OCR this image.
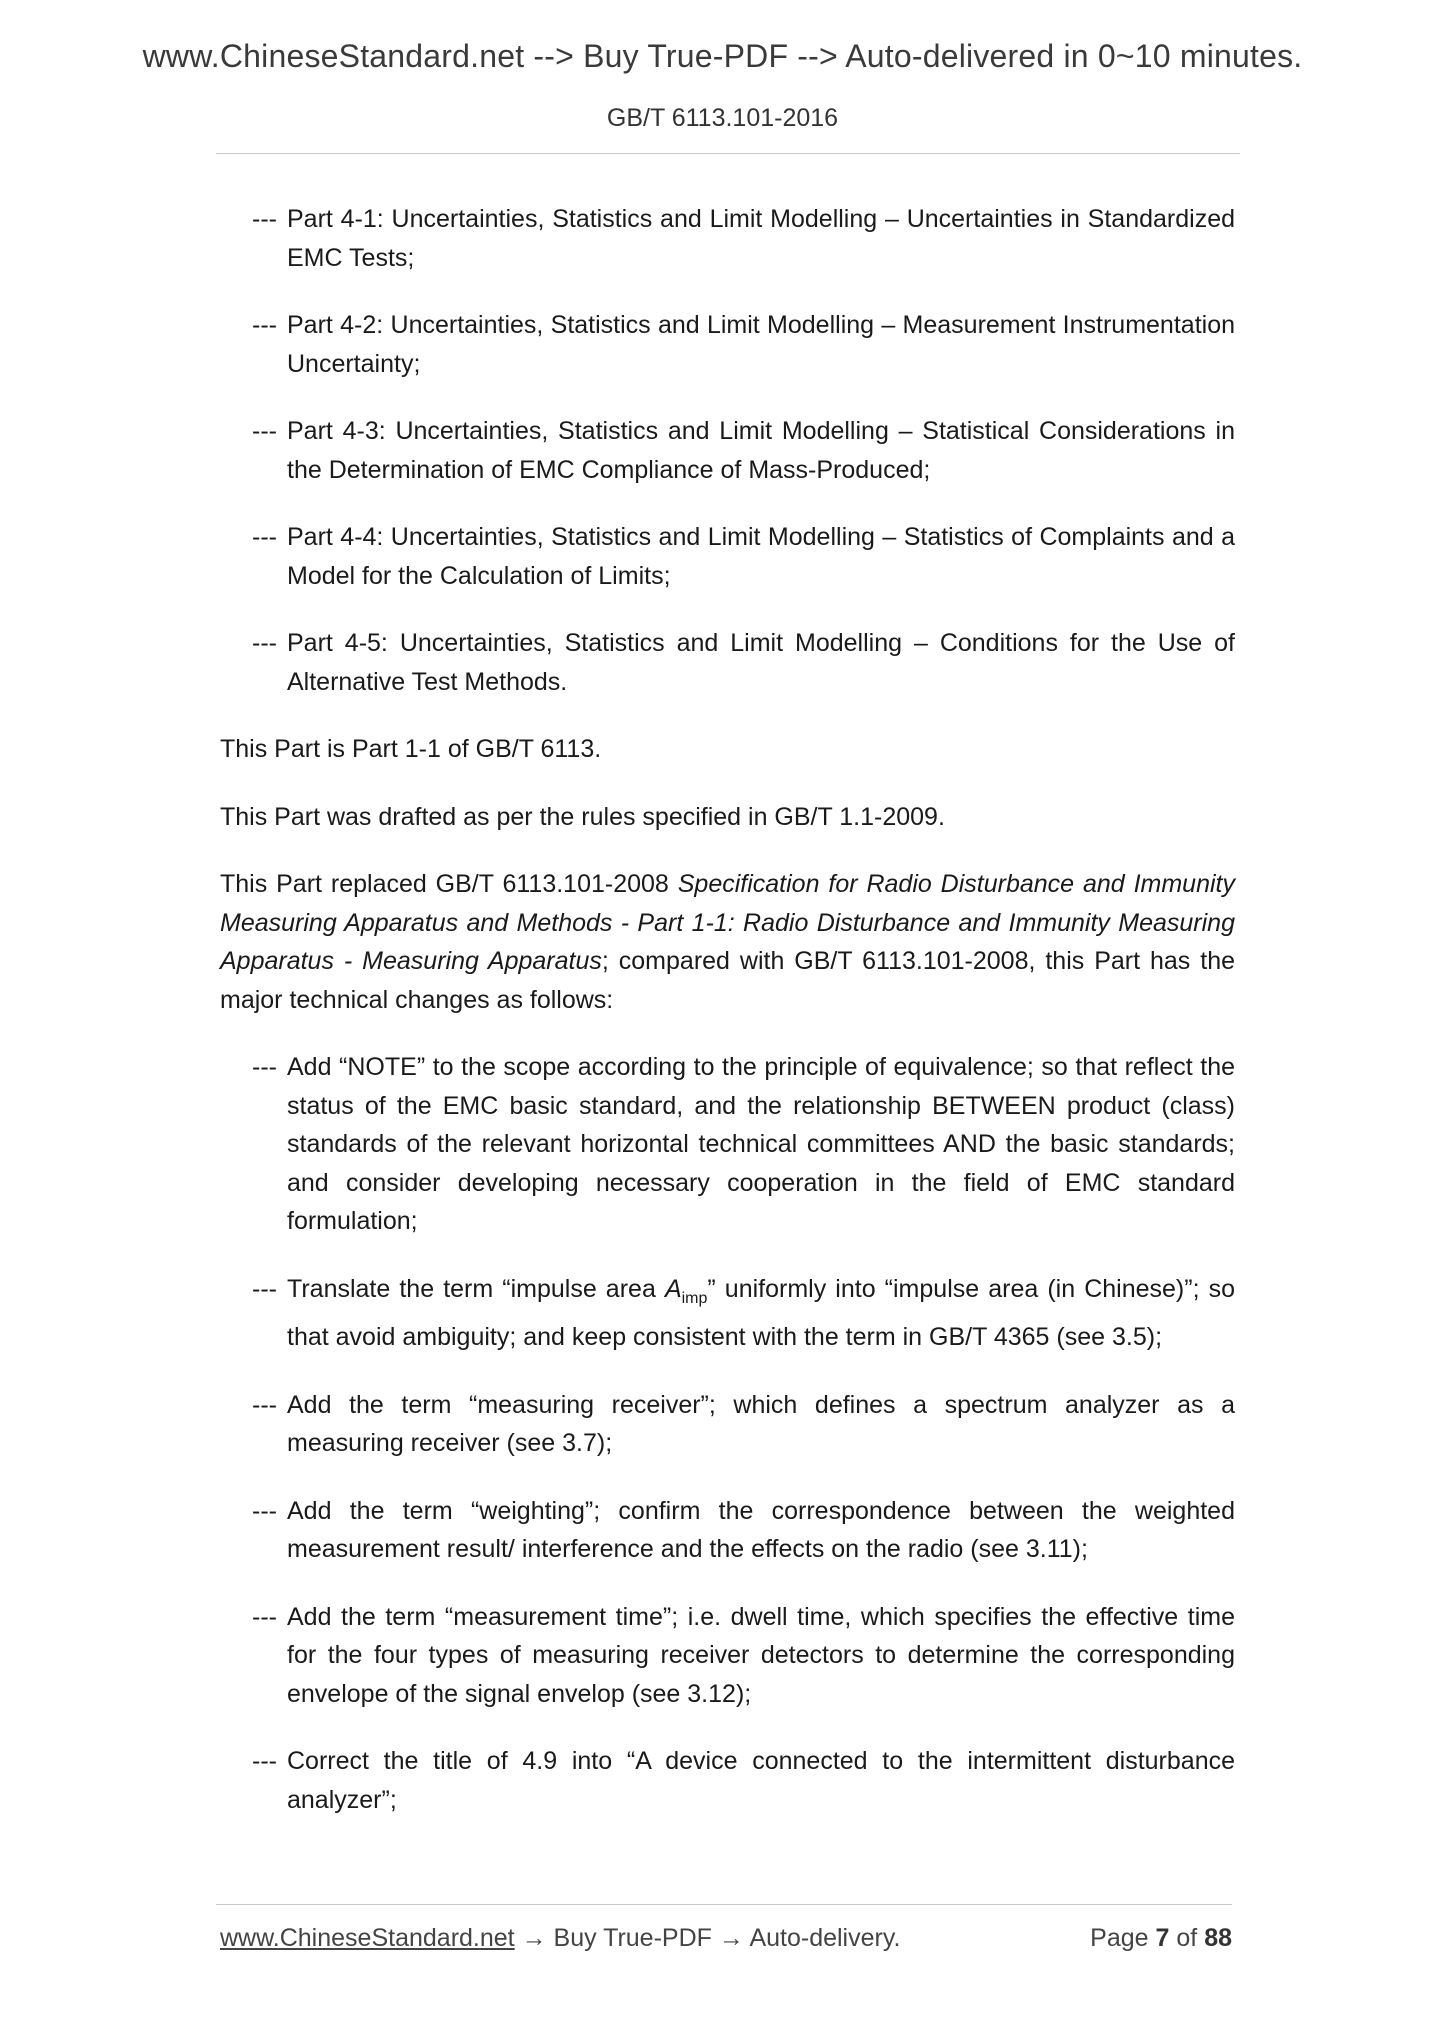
www.ChineseStandard.net --> Buy True-PDF --> Auto-delivered in 0~10 minutes.
GB/T 6113.101-2016

--- Part 4-1: Uncertainties, Statistics and Limit Modelling – Uncertainties in Standardized EMC Tests;

--- Part 4-2: Uncertainties, Statistics and Limit Modelling – Measurement Instrumentation Uncertainty;

--- Part 4-3: Uncertainties, Statistics and Limit Modelling – Statistical Considerations in the Determination of EMC Compliance of Mass-Produced;

--- Part 4-4: Uncertainties, Statistics and Limit Modelling – Statistics of Complaints and a Model for the Calculation of Limits;

--- Part 4-5: Uncertainties, Statistics and Limit Modelling – Conditions for the Use of Alternative Test Methods.

This Part is Part 1-1 of GB/T 6113.

This Part was drafted as per the rules specified in GB/T 1.1-2009.

This Part replaced GB/T 6113.101-2008 Specification for Radio Disturbance and Immunity Measuring Apparatus and Methods - Part 1-1: Radio Disturbance and Immunity Measuring Apparatus - Measuring Apparatus; compared with GB/T 6113.101-2008, this Part has the major technical changes as follows:

--- Add “NOTE” to the scope according to the principle of equivalence; so that reflect the status of the EMC basic standard, and the relationship BETWEEN product (class) standards of the relevant horizontal technical committees AND the basic standards; and consider developing necessary cooperation in the field of EMC standard formulation;

--- Translate the term “impulse area $A_{imp}$” uniformly into “impulse area (in Chinese)”; so that avoid ambiguity; and keep consistent with the term in GB/T 4365 (see 3.5);

--- Add the term “measuring receiver”; which defines a spectrum analyzer as a measuring receiver (see 3.7);

--- Add the term “weighting”; confirm the correspondence between the weighted measurement result/ interference and the effects on the radio (see 3.11);

--- Add the term “measurement time”; i.e. dwell time, which specifies the effective time for the four types of measuring receiver detectors to determine the corresponding envelope of the signal envelop (see 3.12);

--- Correct the title of 4.9 into “A device connected to the intermittent disturbance analyzer”;

www.ChineseStandard.net → Buy True-PDF → Auto-delivery.	Page 7 of 88
